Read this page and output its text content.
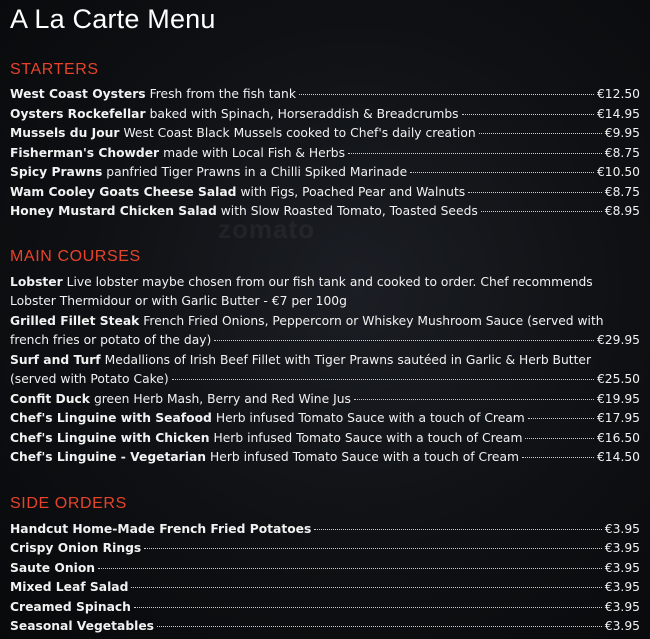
zomato
A La Carte Menu
STARTERS
West Coast Oysters Fresh from the fish tank	€12.50
Oysters Rockefellar baked with Spinach, Horseraddish & Breadcrumbs	€14.95
Mussels du Jour West Coast Black Mussels cooked to Chef's daily creation	€9.95
Fisherman's Chowder made with Local Fish & Herbs	€8.75
Spicy Prawns panfried Tiger Prawns in a Chilli Spiked Marinade	€10.50
Wam Cooley Goats Cheese Salad with Figs, Poached Pear and Walnuts	€8.75
Honey Mustard Chicken Salad with Slow Roasted Tomato, Toasted Seeds	€8.95
MAIN COURSES
Lobster Live lobster maybe chosen from our fish tank and cooked to order. Chef recommends
Lobster Thermidour or with Garlic Butter - €7 per 100g
Grilled Fillet Steak French Fried Onions, Peppercorn or Whiskey Mushroom Sauce (served with
french fries or potato of the day)	€29.95
Surf and Turf Medallions of Irish Beef Fillet with Tiger Prawns sautéed in Garlic & Herb Butter
(served with Potato Cake)	€25.50
Confit Duck green Herb Mash, Berry and Red Wine Jus	€19.95
Chef's Linguine with Seafood Herb infused Tomato Sauce with a touch of Cream	€17.95
Chef's Linguine with Chicken Herb infused Tomato Sauce with a touch of Cream	€16.50
Chef's Linguine - Vegetarian Herb infused Tomato Sauce with a touch of Cream	€14.50
SIDE ORDERS
Handcut Home-Made French Fried Potatoes	€3.95
Crispy Onion Rings	€3.95
Saute Onion	€3.95
Mixed Leaf Salad	€3.95
Creamed Spinach	€3.95
Seasonal Vegetables	€3.95
